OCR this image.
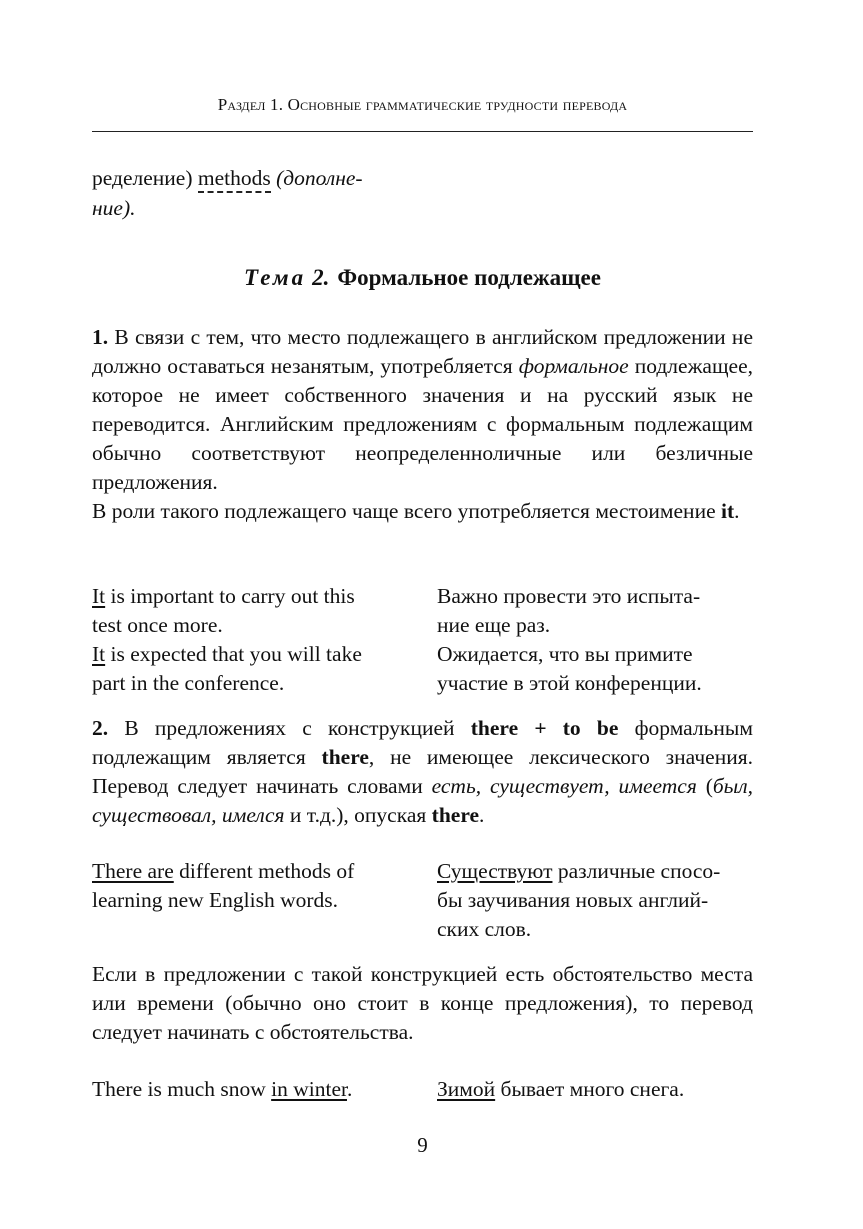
Раздел 1. Основные грамматические трудности перевода
ределение) methods (дополне-
ние).
Тема 2. Формальное подлежащее
1. В связи с тем, что место подлежащего в английском предложении не должно оставаться незанятым, употребляется формальное подлежащее, которое не имеет собственного значения и на русский язык не переводится. Английским предложениям с формальным подлежащим обычно соответствуют неопределенноличные или безличные предложения.
В роли такого подлежащего чаще всего употребляется местоимение it.
It is important to carry out this
test once more.
Важно провести это испыта-
ние еще раз.
It is expected that you will take
part in the conference.
Ожидается, что вы примите
участие в этой конференции.
2. В предложениях с конструкцией there + to be формальным подлежащим является there, не имеющее лексического значения. Перевод следует начинать словами есть, существует, имеется (был, существовал, имелся и т.д.), опуская there.
There are different methods of
learning new English words.
Существуют различные спосо-
бы заучивания новых англий-
ских слов.
Если в предложении с такой конструкцией есть обстоятельство места или времени (обычно оно стоит в конце предложения), то перевод следует начинать с обстоятельства.
There is much snow in winter.	Зимой бывает много снега.
9
